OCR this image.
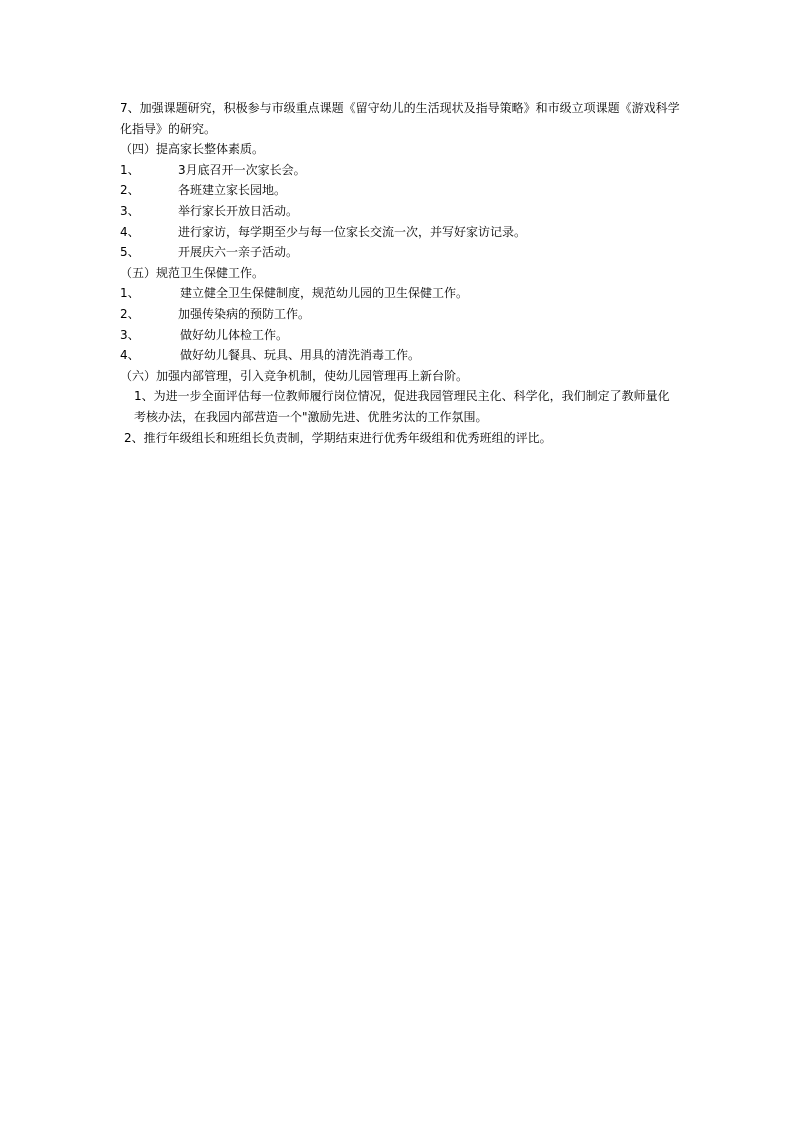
7、加强课题研究，积极参与市级重点课题《留守幼儿的生活现状及指导策略》和市级立项课题《游戏科学化指导》的研究。
（四）提高家长整体素质。
1、	3月底召开一次家长会。
2、	各班建立家长园地。
3、	举行家长开放日活动。
4、	进行家访，每学期至少与每一位家长交流一次，并写好家访记录。
5、	开展庆六一亲子活动。
（五）规范卫生保健工作。
1、	建立健全卫生保健制度，规范幼儿园的卫生保健工作。
2、	加强传染病的预防工作。
3、	做好幼儿体检工作。
4、	做好幼儿餐具、玩具、用具的清洗消毒工作。
（六）加强内部管理，引入竞争机制，使幼儿园管理再上新台阶。
1、为进一步全面评估每一位教师履行岗位情况，促进我园管理民主化、科学化，我们制定了教师量化考核办法，在我园内部营造一个"激励先进、优胜劣汰的工作氛围。
2、推行年级组长和班组长负责制，学期结束进行优秀年级组和优秀班组的评比。
